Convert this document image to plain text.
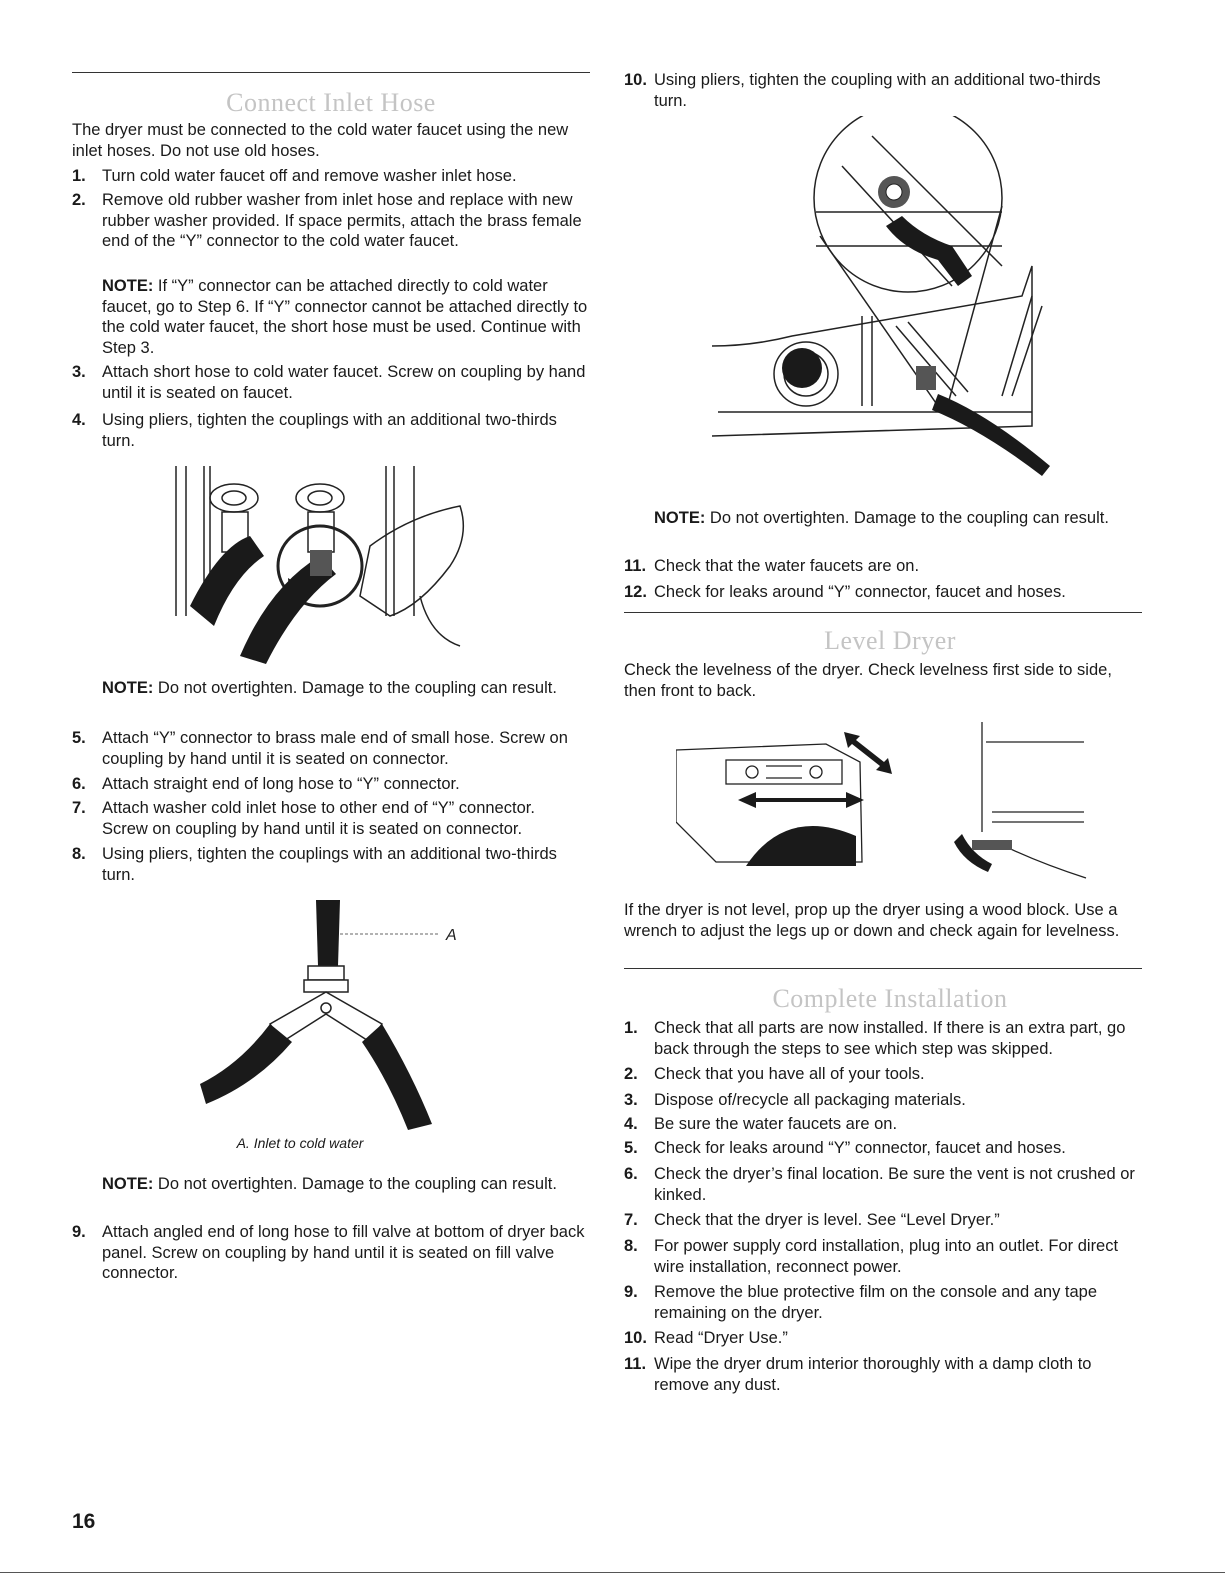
Connect Inlet Hose
The dryer must be connected to the cold water faucet using the new inlet hoses. Do not use old hoses.
1. Turn cold water faucet off and remove washer inlet hose.
2. Remove old rubber washer from inlet hose and replace with new rubber washer provided. If space permits, attach the brass female end of the “Y” connector to the cold water faucet.
NOTE: If “Y” connector can be attached directly to cold water faucet, go to Step 6. If “Y” connector cannot be attached directly to the cold water faucet, the short hose must be used. Continue with Step 3.
3. Attach short hose to cold water faucet. Screw on coupling by hand until it is seated on faucet.
4. Using pliers, tighten the couplings with an additional two-thirds turn.
NOTE: Do not overtighten. Damage to the coupling can result.
5. Attach “Y” connector to brass male end of small hose. Screw on coupling by hand until it is seated on connector.
6. Attach straight end of long hose to “Y” connector.
7. Attach washer cold inlet hose to other end of “Y” connector. Screw on coupling by hand until it is seated on connector.
8. Using pliers, tighten the couplings with an additional two-thirds turn.
A
A. Inlet to cold water
NOTE: Do not overtighten. Damage to the coupling can result.
9. Attach angled end of long hose to fill valve at bottom of dryer back panel. Screw on coupling by hand until it is seated on fill valve connector.
10. Using pliers, tighten the coupling with an additional two-thirds turn.
NOTE: Do not overtighten. Damage to the coupling can result.
11. Check that the water faucets are on.
12. Check for leaks around “Y” connector, faucet and hoses.
Level Dryer
Check the levelness of the dryer. Check levelness first side to side, then front to back.
If the dryer is not level, prop up the dryer using a wood block. Use a wrench to adjust the legs up or down and check again for levelness.
Complete Installation
1. Check that all parts are now installed. If there is an extra part, go back through the steps to see which step was skipped.
2. Check that you have all of your tools.
3. Dispose of/recycle all packaging materials.
4. Be sure the water faucets are on.
5. Check for leaks around “Y” connector, faucet and hoses.
6. Check the dryer’s final location. Be sure the vent is not crushed or kinked.
7. Check that the dryer is level. See “Level Dryer.”
8. For power supply cord installation, plug into an outlet. For direct wire installation, reconnect power.
9. Remove the blue protective film on the console and any tape remaining on the dryer.
10. Read “Dryer Use.”
11. Wipe the dryer drum interior thoroughly with a damp cloth to remove any dust.
16
